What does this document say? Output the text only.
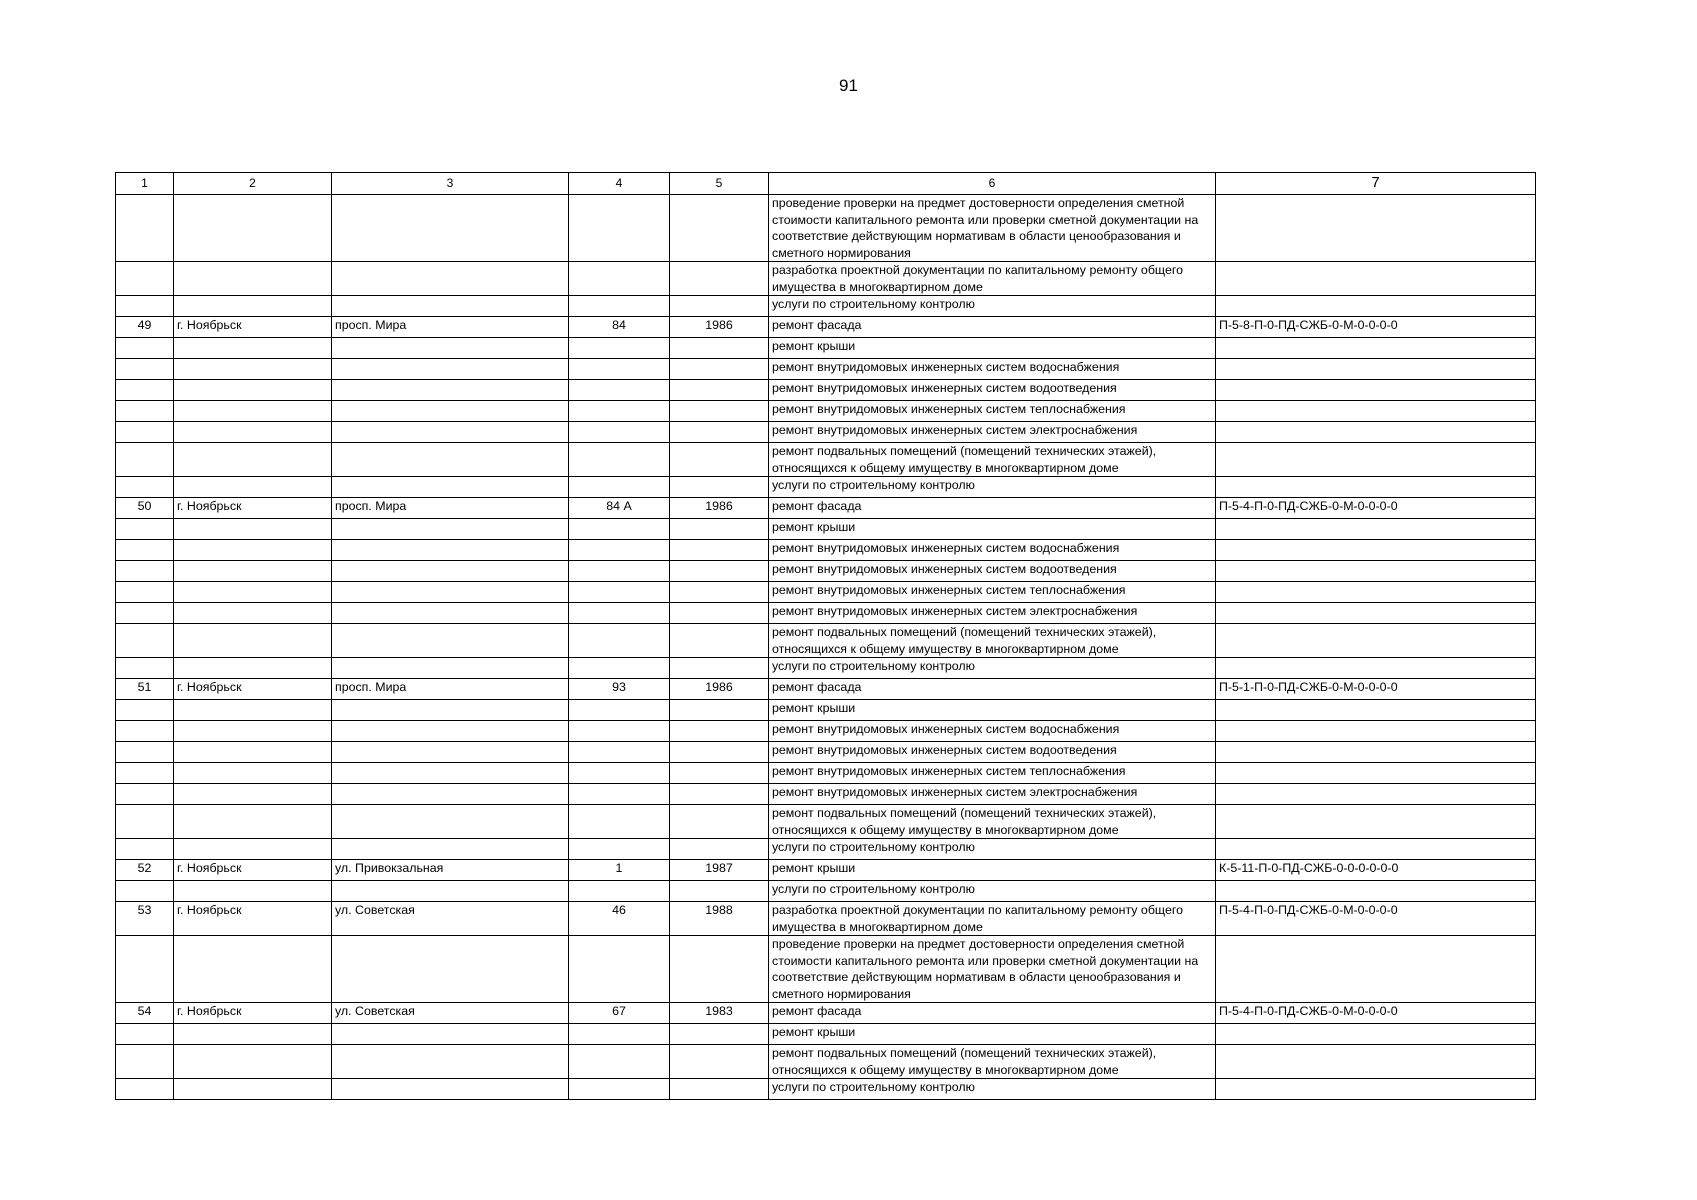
91
1	2	3	4	5	6	7
					проведение проверки на предмет достоверности определения сметной стоимости капитального ремонта или проверки сметной документации на соответствие действующим нормативам в области ценообразования и сметного нормирования	
					разработка проектной документации по капитальному ремонту общего имущества в многоквартирном доме	
					услуги по строительному контролю	
49	г. Ноябрьск	просп. Мира	84	1986	ремонт фасада	П-5-8-П-0-ПД-СЖБ-0-М-0-0-0-0
					ремонт крыши	
					ремонт внутридомовых инженерных систем водоснабжения	
					ремонт внутридомовых инженерных систем водоотведения	
					ремонт внутридомовых инженерных систем теплоснабжения	
					ремонт внутридомовых инженерных систем электроснабжения	
					ремонт подвальных помещений (помещений технических этажей), относящихся к общему имуществу в многоквартирном доме	
					услуги по строительному контролю	
50	г. Ноябрьск	просп. Мира	84 А	1986	ремонт фасада	П-5-4-П-0-ПД-СЖБ-0-М-0-0-0-0
					ремонт крыши	
					ремонт внутридомовых инженерных систем водоснабжения	
					ремонт внутридомовых инженерных систем водоотведения	
					ремонт внутридомовых инженерных систем теплоснабжения	
					ремонт внутридомовых инженерных систем электроснабжения	
					ремонт подвальных помещений (помещений технических этажей), относящихся к общему имуществу в многоквартирном доме	
					услуги по строительному контролю	
51	г. Ноябрьск	просп. Мира	93	1986	ремонт фасада	П-5-1-П-0-ПД-СЖБ-0-М-0-0-0-0
					ремонт крыши	
					ремонт внутридомовых инженерных систем водоснабжения	
					ремонт внутридомовых инженерных систем водоотведения	
					ремонт внутридомовых инженерных систем теплоснабжения	
					ремонт внутридомовых инженерных систем электроснабжения	
					ремонт подвальных помещений (помещений технических этажей), относящихся к общему имуществу в многоквартирном доме	
					услуги по строительному контролю	
52	г. Ноябрьск	ул. Привокзальная	1	1987	ремонт крыши	К-5-11-П-0-ПД-СЖБ-0-0-0-0-0-0
					услуги по строительному контролю	
53	г. Ноябрьск	ул. Советская	46	1988	разработка проектной документации по капитальному ремонту общего имущества в многоквартирном доме	П-5-4-П-0-ПД-СЖБ-0-М-0-0-0-0
					проведение проверки на предмет достоверности определения сметной стоимости капитального ремонта или проверки сметной документации на соответствие действующим нормативам в области ценообразования и сметного нормирования	
54	г. Ноябрьск	ул. Советская	67	1983	ремонт фасада	П-5-4-П-0-ПД-СЖБ-0-М-0-0-0-0
					ремонт крыши	
					ремонт подвальных помещений (помещений технических этажей), относящихся к общему имуществу в многоквартирном доме	
					услуги по строительному контролю	
